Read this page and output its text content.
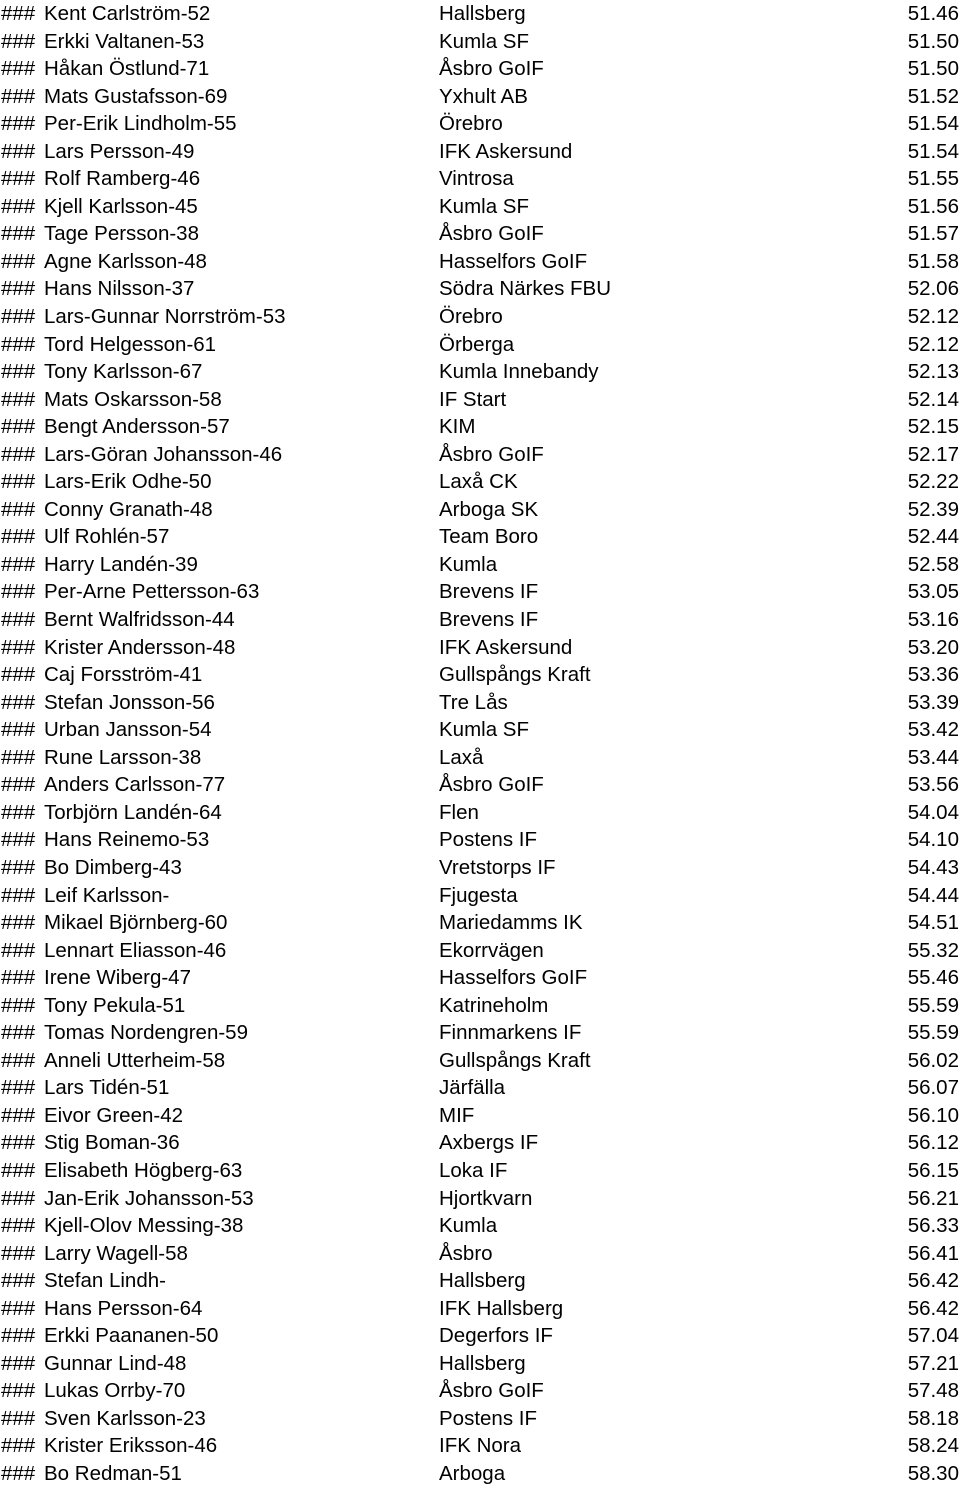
### Kent Carlström-52	Hallsberg	51.46
### Erkki Valtanen-53	Kumla SF	51.50
### Håkan Östlund-71	Åsbro GoIF	51.50
### Mats Gustafsson-69	Yxhult AB	51.52
### Per-Erik Lindholm-55	Örebro	51.54
### Lars Persson-49	IFK Askersund	51.54
### Rolf Ramberg-46	Vintrosa	51.55
### Kjell Karlsson-45	Kumla SF	51.56
### Tage Persson-38	Åsbro GoIF	51.57
### Agne Karlsson-48	Hasselfors GoIF	51.58
### Hans Nilsson-37	Södra Närkes FBU	52.06
### Lars-Gunnar Norrström-53	Örebro	52.12
### Tord Helgesson-61	Örberga	52.12
### Tony Karlsson-67	Kumla Innebandy	52.13
### Mats Oskarsson-58	IF Start	52.14
### Bengt Andersson-57	KIM	52.15
### Lars-Göran Johansson-46	Åsbro GoIF	52.17
### Lars-Erik Odhe-50	Laxå CK	52.22
### Conny Granath-48	Arboga SK	52.39
### Ulf Rohlén-57	Team Boro	52.44
### Harry Landén-39	Kumla	52.58
### Per-Arne Pettersson-63	Brevens IF	53.05
### Bernt Walfridsson-44	Brevens IF	53.16
### Krister Andersson-48	IFK Askersund	53.20
### Caj Forsström-41	Gullspångs Kraft	53.36
### Stefan Jonsson-56	Tre Lås	53.39
### Urban Jansson-54	Kumla SF	53.42
### Rune Larsson-38	Laxå	53.44
### Anders Carlsson-77	Åsbro GoIF	53.56
### Torbjörn Landén-64	Flen	54.04
### Hans Reinemo-53	Postens IF	54.10
### Bo Dimberg-43	Vretstorps IF	54.43
### Leif Karlsson-	Fjugesta	54.44
### Mikael Björnberg-60	Mariedamms IK	54.51
### Lennart Eliasson-46	Ekorrvägen	55.32
### Irene Wiberg-47	Hasselfors GoIF	55.46
### Tony Pekula-51	Katrineholm	55.59
### Tomas Nordengren-59	Finnmarkens IF	55.59
### Anneli Utterheim-58	Gullspångs Kraft	56.02
### Lars Tidén-51	Järfälla	56.07
### Eivor Green-42	MIF	56.10
### Stig Boman-36	Axbergs IF	56.12
### Elisabeth Högberg-63	Loka IF	56.15
### Jan-Erik Johansson-53	Hjortkvarn	56.21
### Kjell-Olov Messing-38	Kumla	56.33
### Larry Wagell-58	Åsbro	56.41
### Stefan Lindh-	Hallsberg	56.42
### Hans Persson-64	IFK Hallsberg	56.42
### Erkki Paananen-50	Degerfors IF	57.04
### Gunnar Lind-48	Hallsberg	57.21
### Lukas Orrby-70	Åsbro GoIF	57.48
### Sven Karlsson-23	Postens IF	58.18
### Krister Eriksson-46	IFK Nora	58.24
### Bo Redman-51	Arboga	58.30
